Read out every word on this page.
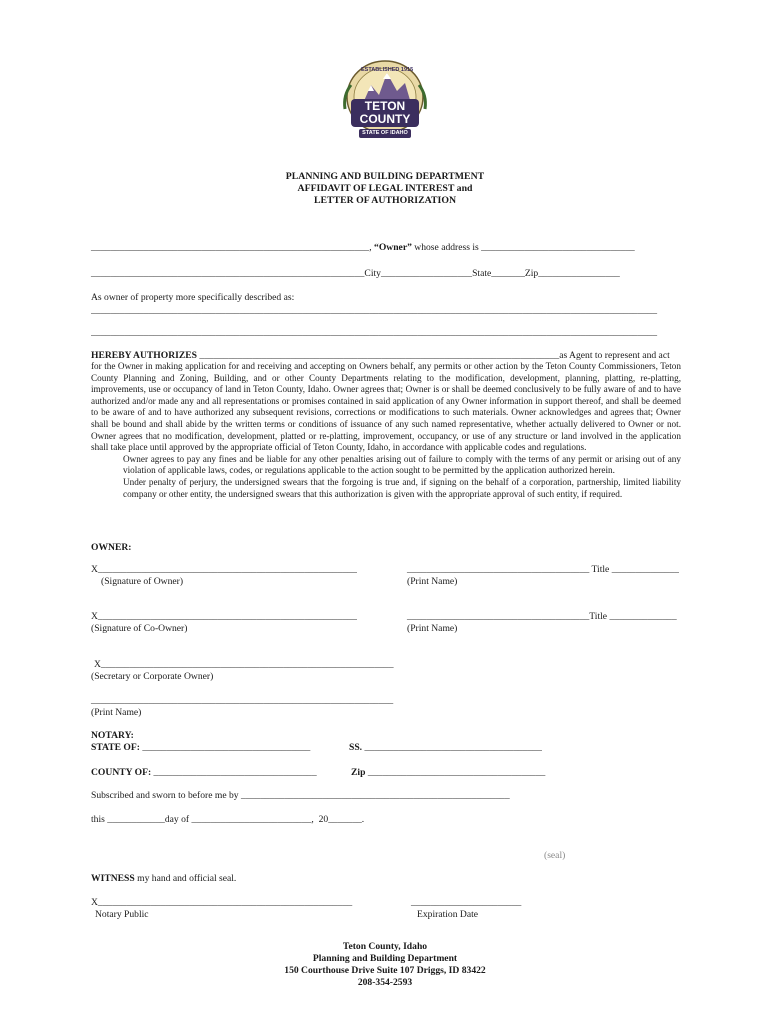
ESTABLISHED 1915
TETON
COUNTY
STATE OF IDAHO
PLANNING AND BUILDING DEPARTMENT
AFFIDAVIT OF LEGAL INTEREST and
LETTER OF AUTHORIZATION
__________________________________________________________, “Owner” whose address is ________________________________
_________________________________________________________City___________________State_______Zip_________________
As owner of property more specifically described as:
______________________________________________________________________________________________________________________
______________________________________________________________________________________________________________________
HEREBY AUTHORIZES ___________________________________________________________________________as Agent to represent and act
for the Owner in making application for and receiving and accepting on Owners behalf, any permits or other action by the Teton County Commissioners, Teton County Planning and Zoning, Building, and or other County Departments relating to the modification, development, planning, platting, re-platting, improvements, use or occupancy of land in Teton County, Idaho. Owner agrees that; Owner is or shall be deemed conclusively to be fully aware of and to have authorized and/or made any and all representations or promises contained in said application of any Owner information in support thereof, and shall be deemed to be aware of and to have authorized any subsequent revisions, corrections or modifications to such materials. Owner acknowledges and agrees that; Owner shall be bound and shall abide by the written terms or conditions of issuance of any such named representative, whether actually delivered to Owner or not. Owner agrees that no modification, development, platted or re-platting, improvement, occupancy, or use of any structure or land involved in the application shall take place until approved by the appropriate official of Teton County, Idaho, in accordance with applicable codes and regulations.
Owner agrees to pay any fines and be liable for any other penalties arising out of failure to comply with the terms of any permit or arising out of any violation of applicable laws, codes, or regulations applicable to the action sought to be permitted by the application authorized herein.
Under penalty of perjury, the undersigned swears that the forgoing is true and, if signing on the behalf of a corporation, partnership, limited liability company or other entity, the undersigned swears that this authorization is given with the appropriate approval of such entity, if required.
OWNER:
X______________________________________________________
(Signature of Owner)
______________________________________ Title ______________
(Print Name)
X______________________________________________________
(Signature of Co-Owner)
______________________________________Title ______________
(Print Name)
X_____________________________________________________________
(Secretary or Corporate Owner)
_______________________________________________________________
(Print Name)
NOTARY:
STATE OF: ___________________________________	SS. _____________________________________
COUNTY OF: __________________________________	Zip _____________________________________
Subscribed and sworn to before me by ________________________________________________________
this ____________day of _________________________, 20_______.
(seal)
WITNESS my hand and official seal.
X_____________________________________________________
Notary Public
_______________________
Expiration Date
Teton County, Idaho
Planning and Building Department
150 Courthouse Drive Suite 107 Driggs, ID 83422
208-354-2593
